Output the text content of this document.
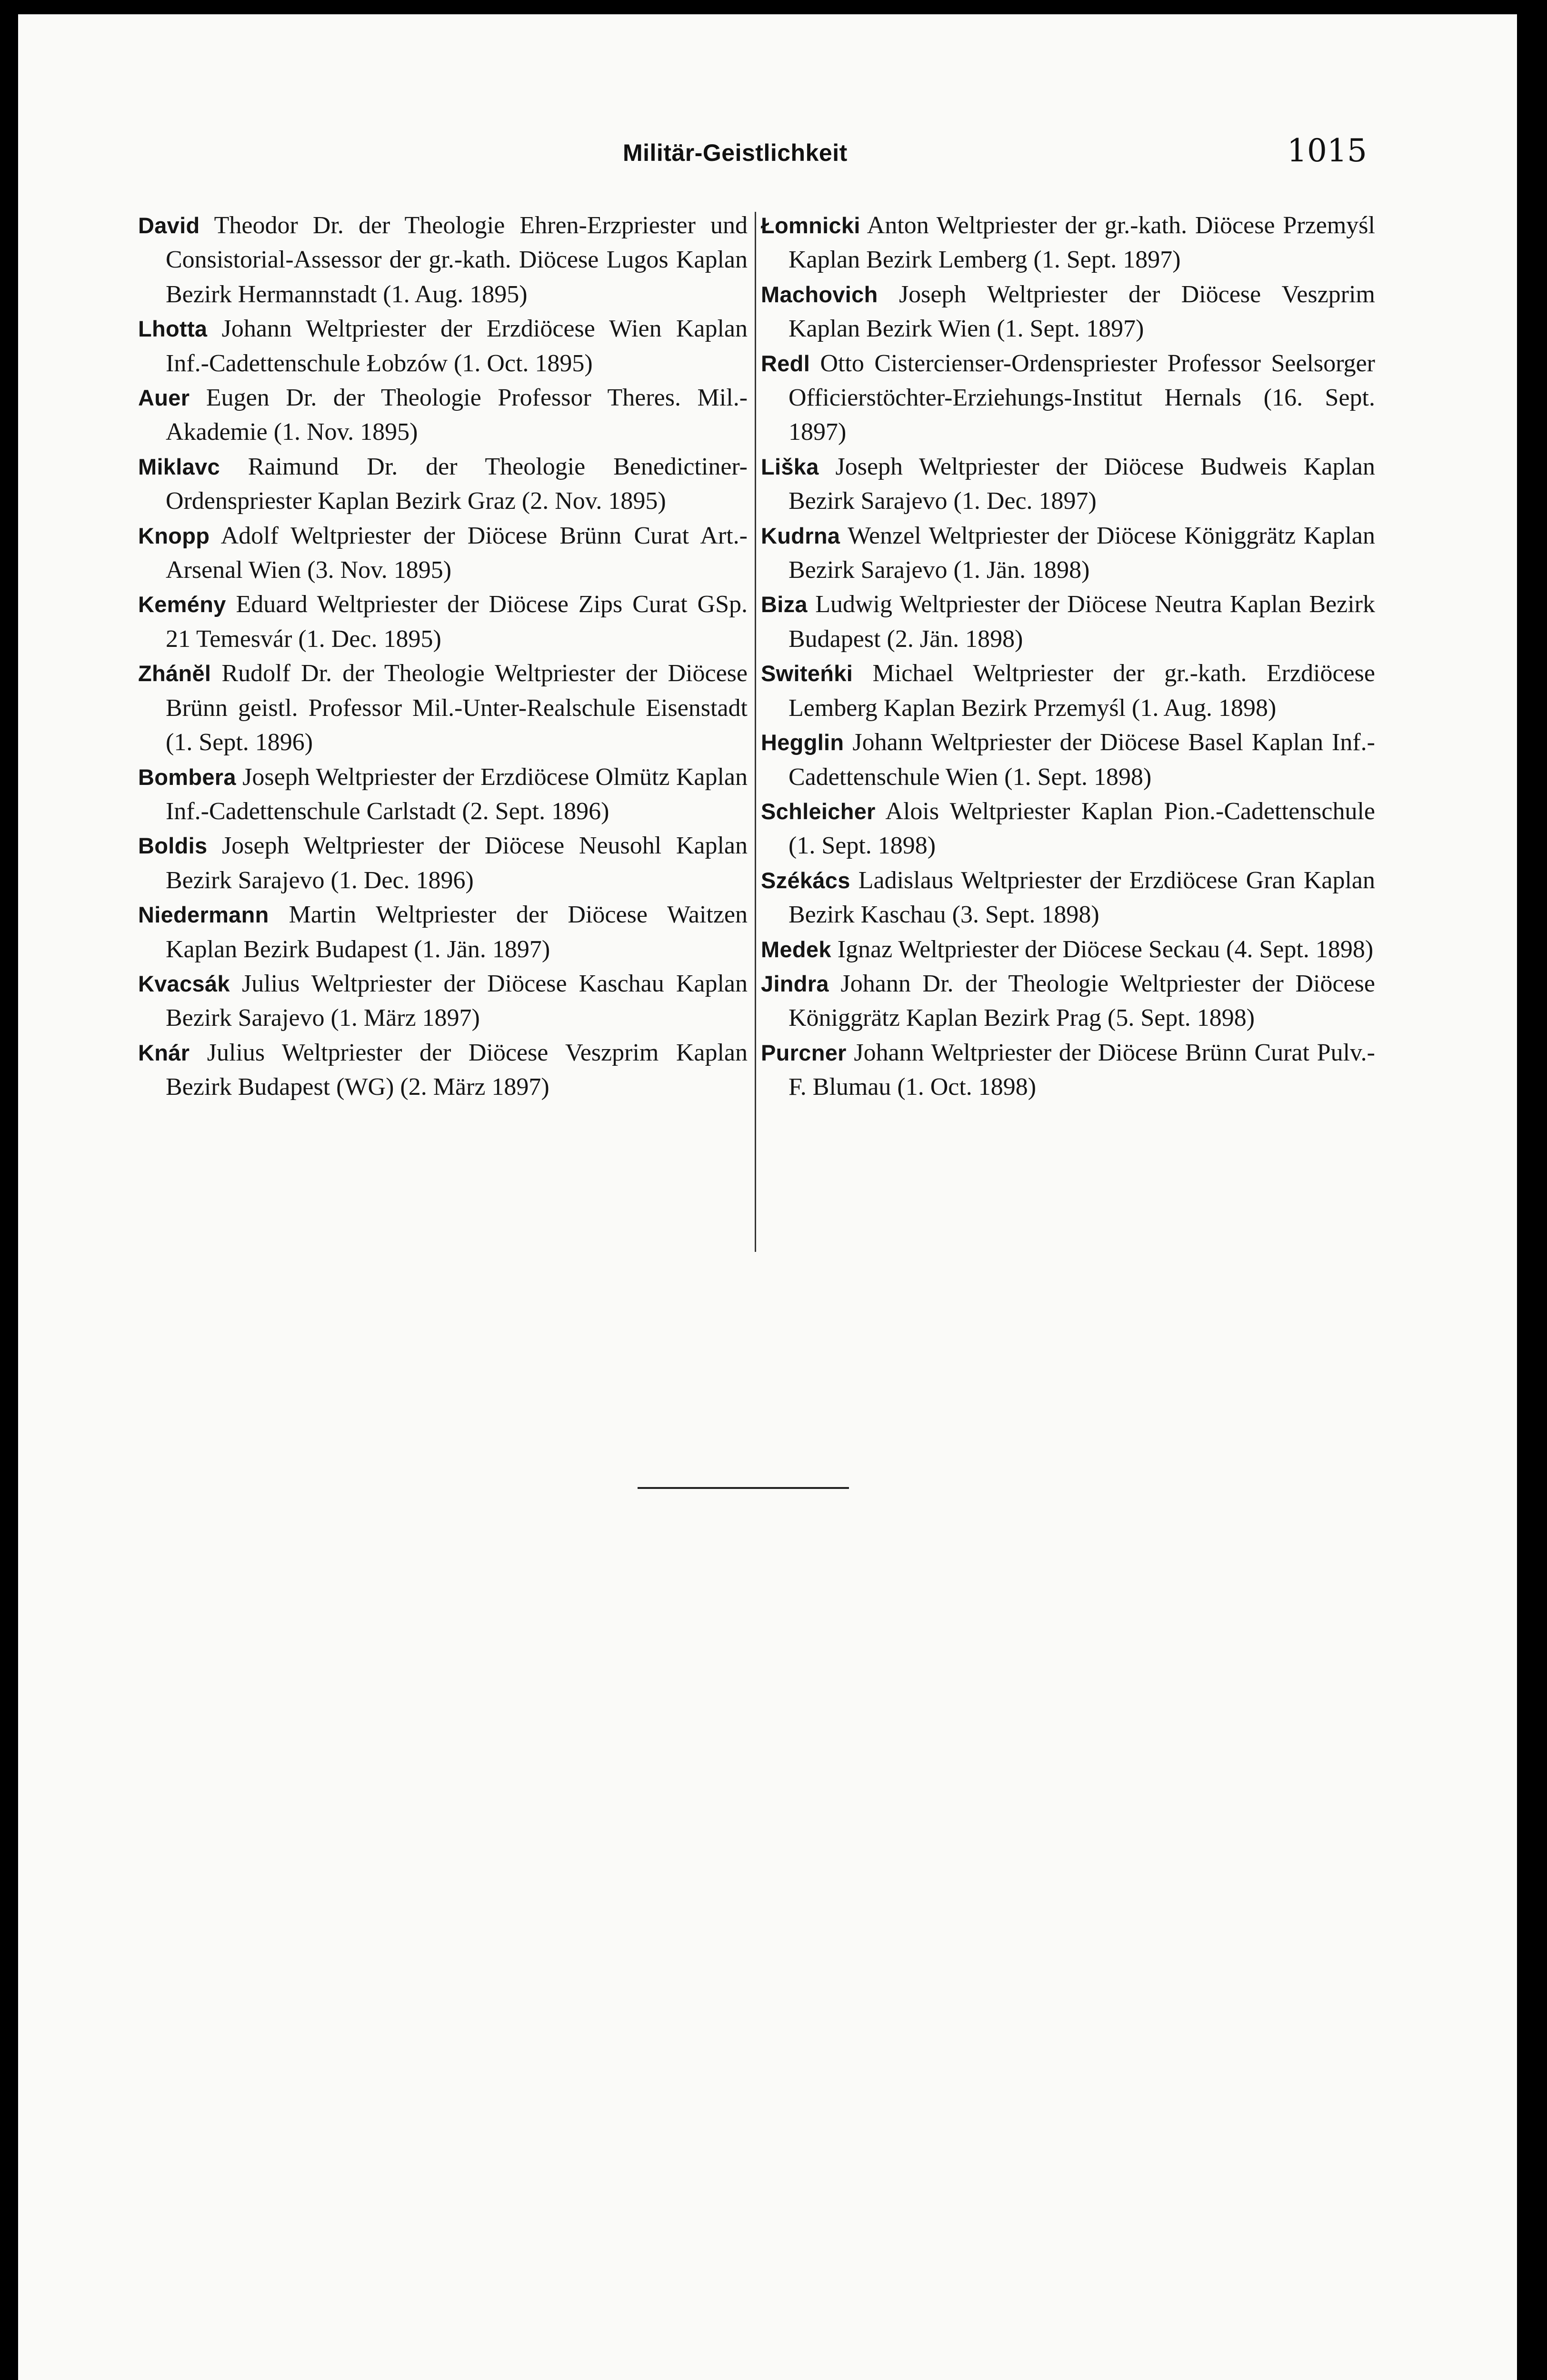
Militär-Geistlichkeit	1015

David Theodor Dr. der Theologie Ehren-Erzpriester und Consistorial-Assessor der gr.-kath. Diöcese Lugos Kaplan Bezirk Hermannstadt (1. Aug. 1895)

Lhotta Johann Weltpriester der Erzdiöcese Wien Kaplan Inf.-Cadettenschule Łobzów (1. Oct. 1895)

Auer Eugen Dr. der Theologie Professor Theres. Mil.-Akademie (1. Nov. 1895)

Miklavc Raimund Dr. der Theologie Benedictiner-Ordenspriester Kaplan Bezirk Graz (2. Nov. 1895)

Knopp Adolf Weltpriester der Diöcese Brünn Curat Art.-Arsenal Wien (3. Nov. 1895)

Kemény Eduard Weltpriester der Diöcese Zips Curat GSp. 21 Temesvár (1. Dec. 1895)

Zhánĕl Rudolf Dr. der Theologie Weltpriester der Diöcese Brünn geistl. Professor Mil.-Unter-Realschule Eisenstadt (1. Sept. 1896)

Bombera Joseph Weltpriester der Erzdiöcese Olmütz Kaplan Inf.-Cadettenschule Carlstadt (2. Sept. 1896)

Boldis Joseph Weltpriester der Diöcese Neusohl Kaplan Bezirk Sarajevo (1. Dec. 1896)

Niedermann Martin Weltpriester der Diöcese Waitzen Kaplan Bezirk Budapest (1. Jän. 1897)

Kvacsák Julius Weltpriester der Diöcese Kaschau Kaplan Bezirk Sarajevo (1. März 1897)

Knár Julius Weltpriester der Diöcese Veszprim Kaplan Bezirk Budapest (WG) (2. März 1897)

Łomnicki Anton Weltpriester der gr.-kath. Diöcese Przemyśl Kaplan Bezirk Lemberg (1. Sept. 1897)

Machovich Joseph Weltpriester der Diöcese Veszprim Kaplan Bezirk Wien (1. Sept. 1897)

Redl Otto Cistercienser-Ordenspriester Professor Seelsorger Officierstöchter-Erziehungs-Institut Hernals (16. Sept. 1897)

Liška Joseph Weltpriester der Diöcese Budweis Kaplan Bezirk Sarajevo (1. Dec. 1897)

Kudrna Wenzel Weltpriester der Diöcese Königgrätz Kaplan Bezirk Sarajevo (1. Jän. 1898)

Biza Ludwig Weltpriester der Diöcese Neutra Kaplan Bezirk Budapest (2. Jän. 1898)

Switeńki Michael Weltpriester der gr.-kath. Erzdiöcese Lemberg Kaplan Bezirk Przemyśl (1. Aug. 1898)

Hegglin Johann Weltpriester der Diöcese Basel Kaplan Inf.-Cadettenschule Wien (1. Sept. 1898)

Schleicher Alois Weltpriester Kaplan Pion.-Cadettenschule (1. Sept. 1898)

Székács Ladislaus Weltpriester der Erzdiöcese Gran Kaplan Bezirk Kaschau (3. Sept. 1898)

Medek Ignaz Weltpriester der Diöcese Seckau (4. Sept. 1898)

Jindra Johann Dr. der Theologie Weltpriester der Diöcese Königgrätz Kaplan Bezirk Prag (5. Sept. 1898)

Purcner Johann Weltpriester der Diöcese Brünn Curat Pulv.-F. Blumau (1. Oct. 1898)
